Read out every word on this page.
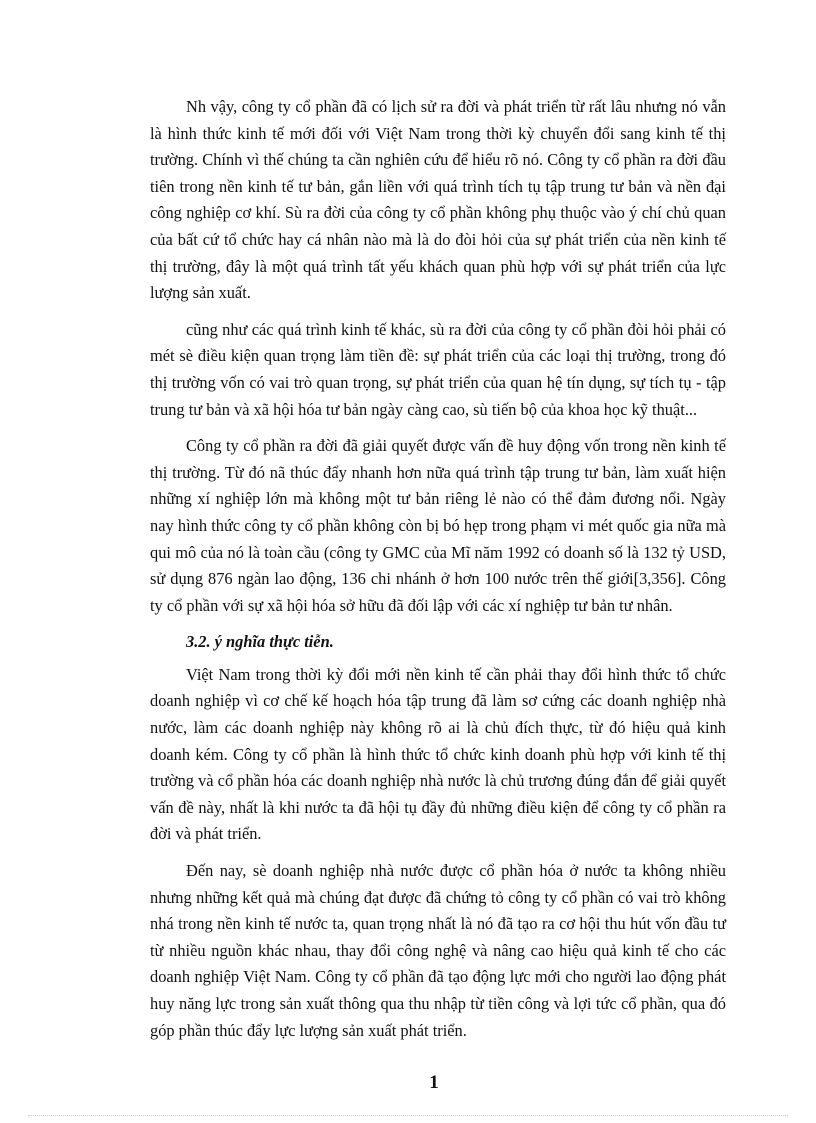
Nh vậy, công ty cổ phần đã có lịch sử ra đời và phát triển từ rất lâu nhưng nó vẫn là hình thức kinh tế mới đối với Việt Nam trong thời kỳ chuyển đổi sang kinh tế thị trường. Chính vì thế chúng ta cần nghiên cứu để hiểu rõ nó. Công ty cổ phần ra đời đầu tiên trong nền kinh tế tư bản, gắn liền với quá trình tích tụ tập trung tư bản và nền đại công nghiệp cơ khí. Sù ra đời của công ty cổ phần không phụ thuộc vào ý chí chủ quan của bất cứ tổ chức hay cá nhân nào mà là do đòi hỏi của sự phát triển của nền kinh tế thị trường, đây là một quá trình tất yếu khách quan phù hợp với sự phát triển của lực lượng sản xuất.

cũng như các quá trình kinh tế khác, sù ra đời của công ty cổ phần đòi hỏi phải có mét sè điều kiện quan trọng làm tiền đề: sự phát triển của các loại thị trường, trong đó thị trường vốn có vai trò quan trọng, sự phát triển của quan hệ tín dụng, sự tích tụ - tập trung tư bản và xã hội hóa tư bản ngày càng cao, sù tiến bộ của khoa học kỹ thuật...

Công ty cổ phần ra đời đã giải quyết được vấn đề huy động vốn trong nền kinh tế thị trường. Từ đó nã thúc đẩy nhanh hơn nữa quá trình tập trung tư bản, làm xuất hiện những xí nghiệp lớn mà không một tư bản riêng lẻ nào có thể đảm đương nổi. Ngày nay hình thức công ty cổ phần không còn bị bó hẹp trong phạm vi mét quốc gia nữa mà qui mô của nó là toàn cầu (công ty GMC của Mĩ năm 1992 có doanh số là 132 tỷ USD, sử dụng 876 ngàn lao động, 136 chi nhánh ở hơn 100 nước trên thế giới[3,356]. Công ty cổ phần với sự xã hội hóa sở hữu đã đối lập với các xí nghiệp tư bản tư nhân.

3.2. ý nghĩa thực tiễn.

Việt Nam trong thời kỳ đổi mới nền kinh tế cần phải thay đổi hình thức tổ chức doanh nghiệp vì cơ chế kế hoạch hóa tập trung đã làm sơ cứng các doanh nghiệp nhà nước, làm các doanh nghiệp này không rõ ai là chủ đích thực, từ đó hiệu quả kinh doanh kém. Công ty cổ phần là hình thức tổ chức kinh doanh phù hợp với kinh tế thị trường và cổ phần hóa các doanh nghiệp nhà nước là chủ trương đúng đắn để giải quyết vấn đề này, nhất là khi nước ta đã hội tụ đầy đủ những điều kiện để công ty cổ phần ra đời và phát triển.

Đến nay, sè doanh nghiệp nhà nước được cổ phần hóa ở nước ta không nhiều nhưng những kết quả mà chúng đạt được đã chứng tỏ công ty cổ phần có vai trò không nhá trong nền kinh tế nước ta, quan trọng nhất là nó đã tạo ra cơ hội thu hút vốn đầu tư từ nhiều nguồn khác nhau, thay đổi công nghệ và nâng cao hiệu quả kinh tế cho các doanh nghiệp Việt Nam. Công ty cổ phần đã tạo động lực mới cho người lao động phát huy năng lực trong sản xuất thông qua thu nhập từ tiền công và lợi tức cổ phần, qua đó góp phần thúc đẩy lực lượng sản xuất phát triển.

1
